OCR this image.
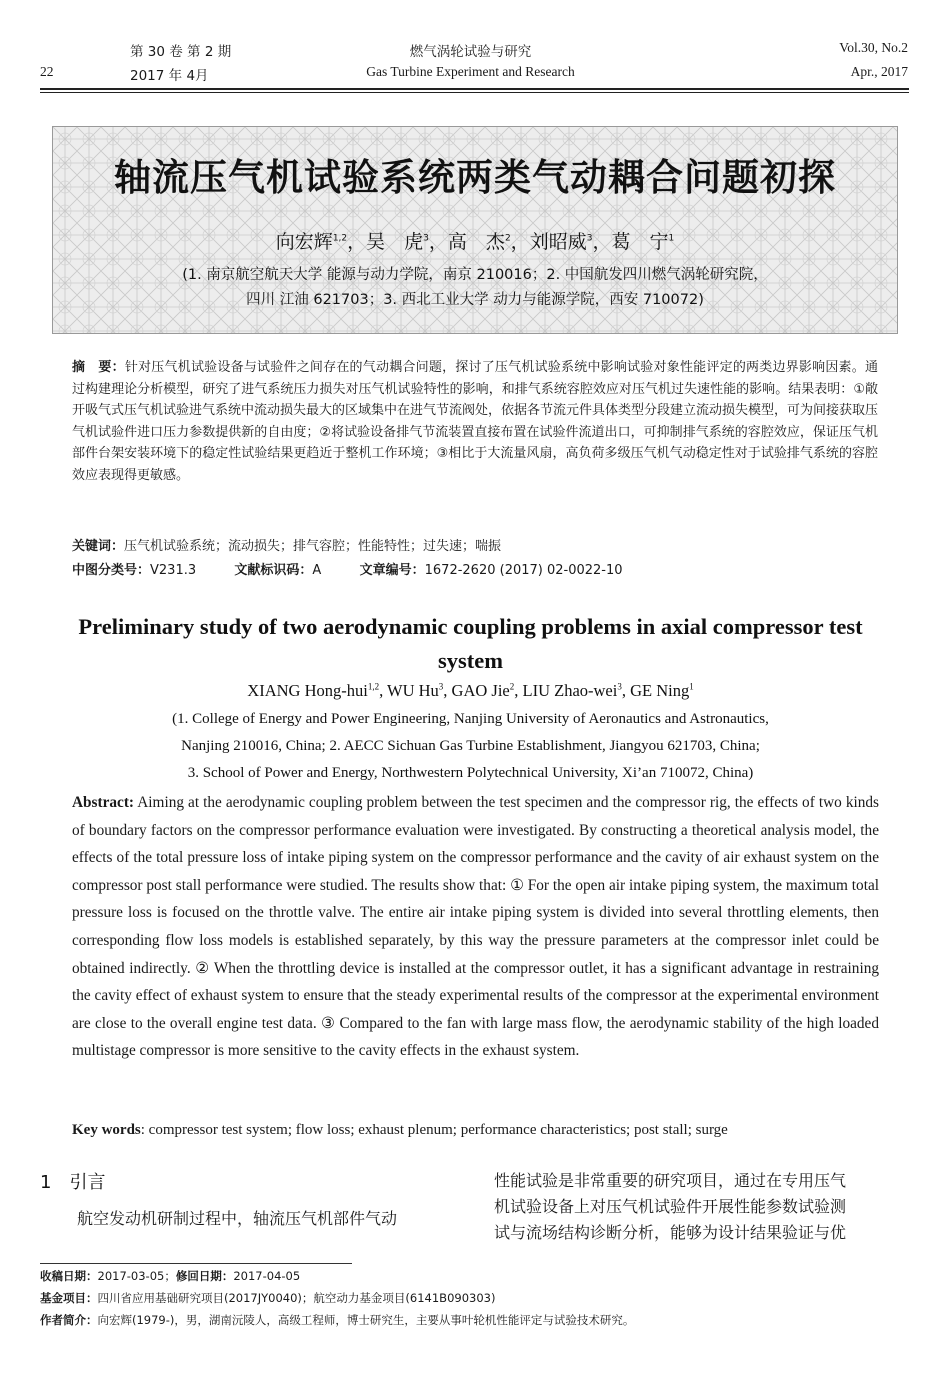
22
第 30 卷 第 2 期
2017 年 4月
燃气涡轮试验与研究
Gas Turbine Experiment and Research
Vol.30, No.2
Apr., 2017
轴流压气机试验系统两类气动耦合问题初探
向宏辉$^{1,2}$，吴　虎$^3$，高　杰$^2$，刘昭威$^3$，葛　宁$^1$
(1. 南京航空航天大学 能源与动力学院，南京 210016；2. 中国航发四川燃气涡轮研究院，
四川 江油 621703；3. 西北工业大学 动力与能源学院，西安 710072)
摘　要：针对压气机试验设备与试验件之间存在的气动耦合问题，探讨了压气机试验系统中影响试验对象性能评定的两类边界影响因素。通过构建理论分析模型，研究了进气系统压力损失对压气机试验特性的影响，和排气系统容腔效应对压气机过失速性能的影响。结果表明：①敞开吸气式压气机试验进气系统中流动损失最大的区域集中在进气节流阀处，依据各节流元件具体类型分段建立流动损失模型，可为间接获取压气机试验件进口压力参数提供新的自由度；②将试验设备排气节流装置直接布置在试验件流道出口，可抑制排气系统的容腔效应，保证压气机部件台架安装环境下的稳定性试验结果更趋近于整机工作环境；③相比于大流量风扇，高负荷多级压气机气动稳定性对于试验排气系统的容腔效应表现得更敏感。
关键词：压气机试验系统；流动损失；排气容腔；性能特性；过失速；喘振
中图分类号：V231.3	文献标识码：A	文章编号：1672-2620 (2017) 02-0022-10
Preliminary study of two aerodynamic coupling problems in axial compressor test system
XIANG Hong-hui$^{1,2}$, WU Hu$^3$, GAO Jie$^2$, LIU Zhao-wei$^3$, GE Ning$^1$
(1. College of Energy and Power Engineering, Nanjing University of Aeronautics and Astronautics,
Nanjing 210016, China; 2. AECC Sichuan Gas Turbine Establishment, Jiangyou 621703, China;
3. School of Power and Energy, Northwestern Polytechnical University, Xi’an 710072, China)
Abstract: Aiming at the aerodynamic coupling problem between the test specimen and the compressor rig, the effects of two kinds of boundary factors on the compressor performance evaluation were investigated. By constructing a theoretical analysis model, the effects of the total pressure loss of intake piping system on the compressor performance and the cavity of air exhaust system on the compressor post stall performance were studied. The results show that: ① For the open air intake piping system, the maximum total pressure loss is focused on the throttle valve. The entire air intake piping system is divided into several throttling elements, then corresponding flow loss models is established separately, by this way the pressure parameters at the compressor inlet could be obtained indirectly. ② When the throttling device is installed at the compressor outlet, it has a significant advantage in restraining the cavity effect of exhaust system to ensure that the steady experimental results of the compressor at the experimental environment are close to the overall engine test data. ③ Compared to the fan with large mass flow, the aerodynamic stability of the high loaded multistage compressor is more sensitive to the cavity effects in the exhaust system.
Key words: compressor test system; flow loss; exhaust plenum; performance characteristics; post stall; surge
1　引言
航空发动机研制过程中，轴流压气机部件气动
性能试验是非常重要的研究项目，通过在专用压气
机试验设备上对压气机试验件开展性能参数试验测
试与流场结构诊断分析，能够为设计结果验证与优
收稿日期：2017-03-05；修回日期：2017-04-05
基金项目：四川省应用基础研究项目(2017JY0040)；航空动力基金项目(6141B090303)
作者简介：向宏辉(1979-)，男，湖南沅陵人，高级工程师，博士研究生，主要从事叶轮机性能评定与试验技术研究。
